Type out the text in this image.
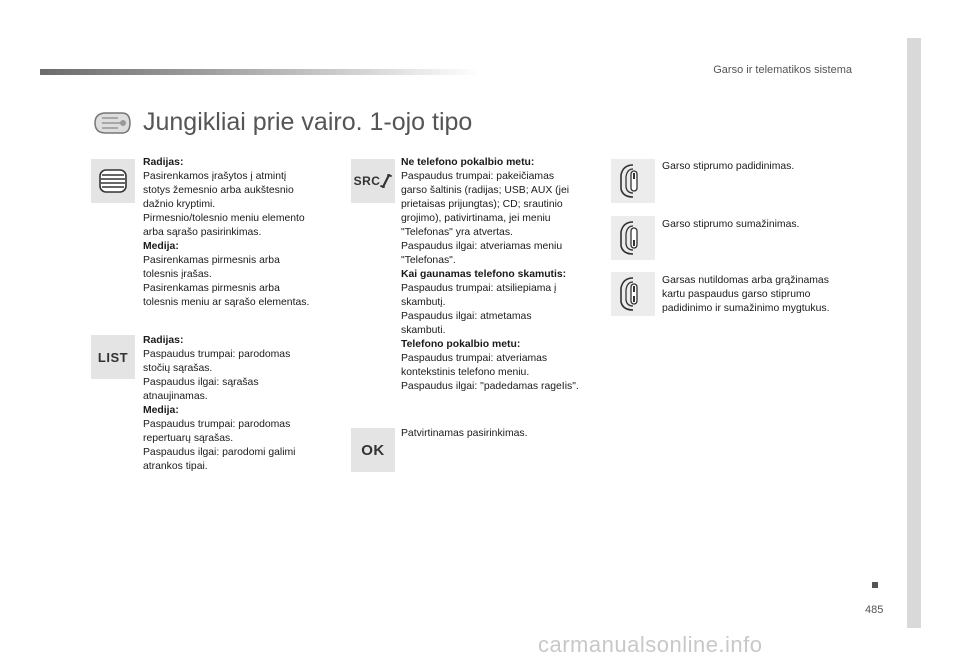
Garso ir telematikos sistema
Jungikliai prie vairo. 1-ojo tipo
Radijas:
Pasirenkamos įrašytos į atmintį
stotys žemesnio arba aukštesnio
dažnio kryptimi.
Pirmesnio/tolesnio meniu elemento
arba sąrašo pasirinkimas.
Medija:
Pasirenkamas pirmesnis arba
tolesnis įrašas.
Pasirenkamas pirmesnis arba
tolesnis meniu ar sąrašo elementas.
LIST
Radijas:
Paspaudus trumpai: parodomas
stočių sąrašas.
Paspaudus ilgai: sąrašas
atnaujinamas.
Medija:
Paspaudus trumpai: parodomas
repertuarų sąrašas.
Paspaudus ilgai: parodomi galimi
atrankos tipai.
SRC
Ne telefono pokalbio metu:
Paspaudus trumpai: pakeičiamas
garso šaltinis (radijas; USB; AUX (jei
prietaisas prijungtas); CD; srautinio
grojimo), pativirtinama, jei meniu
"Telefonas" yra atvertas.
Paspaudus ilgai: atveriamas meniu
"Telefonas".
Kai gaunamas telefono skamutis:
Paspaudus trumpai: atsiliepiama į
skambutį.
Paspaudus ilgai: atmetamas
skambuti.
Telefono pokalbio metu:
Paspaudus trumpai: atveriamas
kontekstinis telefono meniu.
Paspaudus ilgai: "padedamas rageIis".
OK
Patvirtinamas pasirinkimas.
Garso stiprumo padidinimas.
Garso stiprumo sumažinimas.
Garsas nutildomas arba grąžinamas
kartu paspaudus garso stiprumo
padidinimo ir sumažinimo mygtukus.
485
carmanualsonline.info
